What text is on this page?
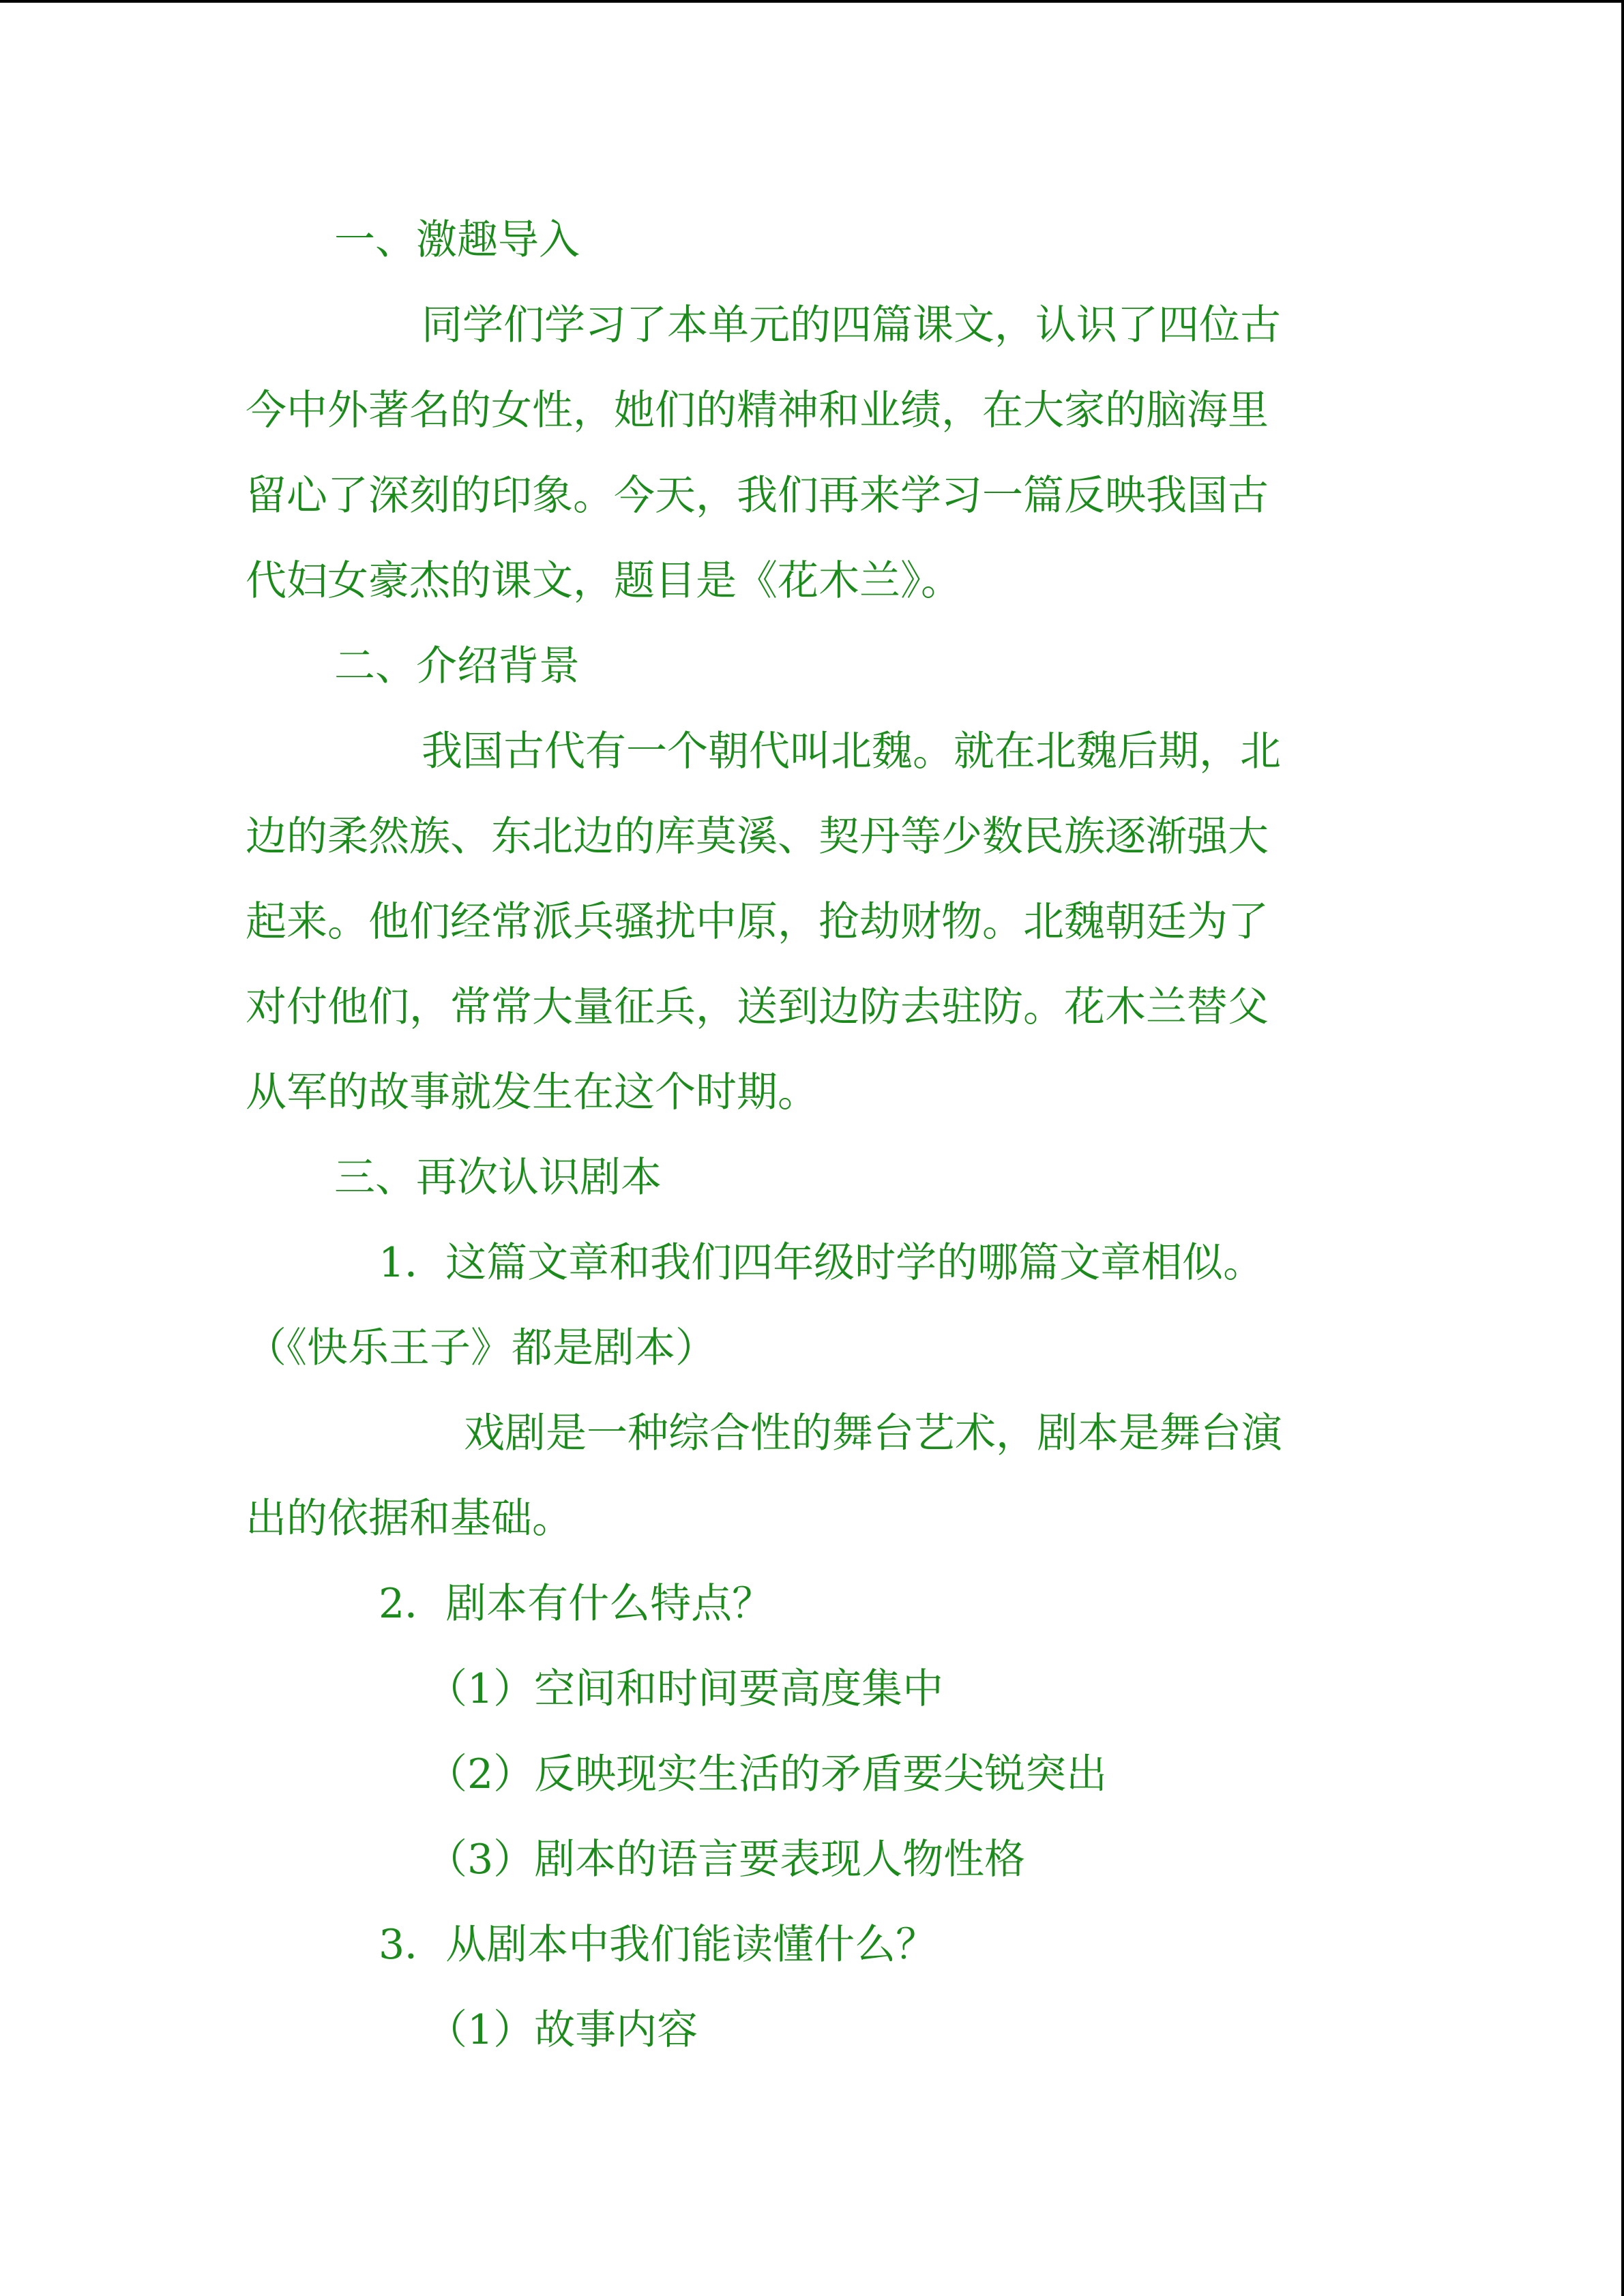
一、激趣导入
同学们学习了本单元的四篇课文，认识了四位古
今中外著名的女性，她们的精神和业绩，在大家的脑海里
留心了深刻的印象。今天，我们再来学习一篇反映我国古
代妇女豪杰的课文，题目是《花木兰》。
二、介绍背景
我国古代有一个朝代叫北魏。就在北魏后期，北
边的柔然族、东北边的库莫溪、契丹等少数民族逐渐强大
起来。他们经常派兵骚扰中原，抢劫财物。北魏朝廷为了
对付他们，常常大量征兵，送到边防去驻防。花木兰替父
从军的故事就发生在这个时期。
三、再次认识剧本
1．这篇文章和我们四年级时学的哪篇文章相似。
（《快乐王子》都是剧本）
戏剧是一种综合性的舞台艺术，剧本是舞台演
出的依据和基础。
2．剧本有什么特点？
（1）空间和时间要高度集中
（2）反映现实生活的矛盾要尖锐突出
（3）剧本的语言要表现人物性格
3．从剧本中我们能读懂什么？
（1）故事内容
